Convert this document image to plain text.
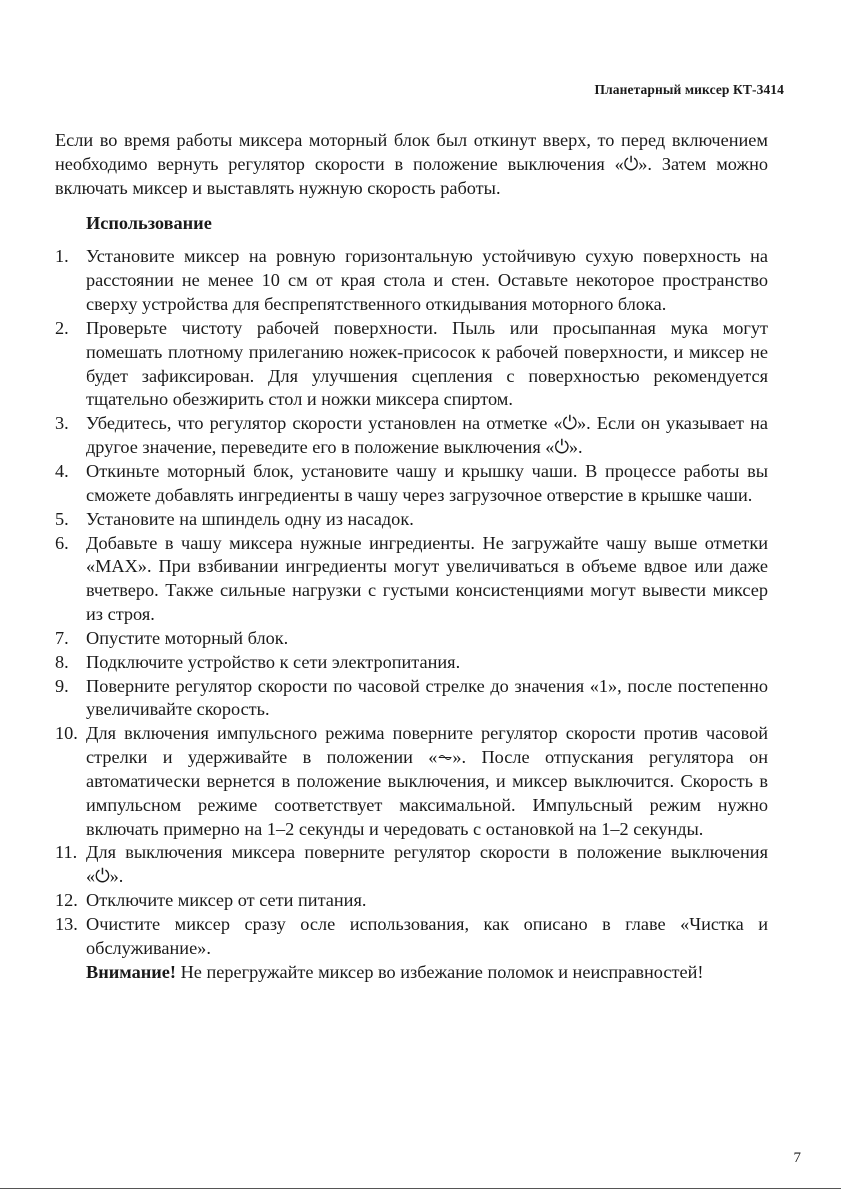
Планетарный миксер КТ-3414

Если во время работы миксера моторный блок был откинут вверх, то перед включением необходимо вернуть регулятор скорости в положение выключения «⏻». Затем можно включать миксер и выставлять нужную скорость работы.

Использование
1. Установите миксер на ровную горизонтальную устойчивую сухую поверхность на расстоянии не менее 10 см от края стола и стен. Оставьте некоторое пространство сверху устройства для беспрепятственного откидывания моторного блока.
2. Проверьте чистоту рабочей поверхности. Пыль или просыпанная мука могут помешать плотному прилеганию ножек-присосок к рабочей поверхности, и миксер не будет зафиксирован. Для улучшения сцепления с поверхностью рекомендуется тщательно обезжирить стол и ножки миксера спиртом.
3. Убедитесь, что регулятор скорости установлен на отметке «⏻». Если он указывает на другое значение, переведите его в положение выключения «⏻».
4. Откиньте моторный блок, установите чашу и крышку чаши. В процессе работы вы сможете добавлять ингредиенты в чашу через загрузочное отверстие в крышке чаши.
5. Установите на шпиндель одну из насадок.
6. Добавьте в чашу миксера нужные ингредиенты. Не загружайте чашу выше отметки «MAX». При взбивании ингредиенты могут увеличиваться в объеме вдвое или даже вчетверо. Также сильные нагрузки с густыми консистенциями могут вывести миксер из строя.
7. Опустите моторный блок.
8. Подключите устройство к сети электропитания.
9. Поверните регулятор скорости по часовой стрелке до значения «1», после постепенно увеличивайте скорость.
10. Для включения импульсного режима поверните регулятор скорости против часовой стрелки и удерживайте в положении «⏦». После отпускания регулятора он автоматически вернется в положение выключения, и миксер выключится. Скорость в импульсном режиме соответствует максимальной. Импульсный режим нужно включать примерно на 1–2 секунды и чередовать с остановкой на 1–2 секунды.
11. Для выключения миксера поверните регулятор скорости в положение выключения «⏻».
12. Отключите миксер от сети питания.
13. Очистите миксер сразу осле использования, как описано в главе «Чистка и обслуживание».

Внимание! Не перегружайте миксер во избежание поломок и неисправностей!

7
